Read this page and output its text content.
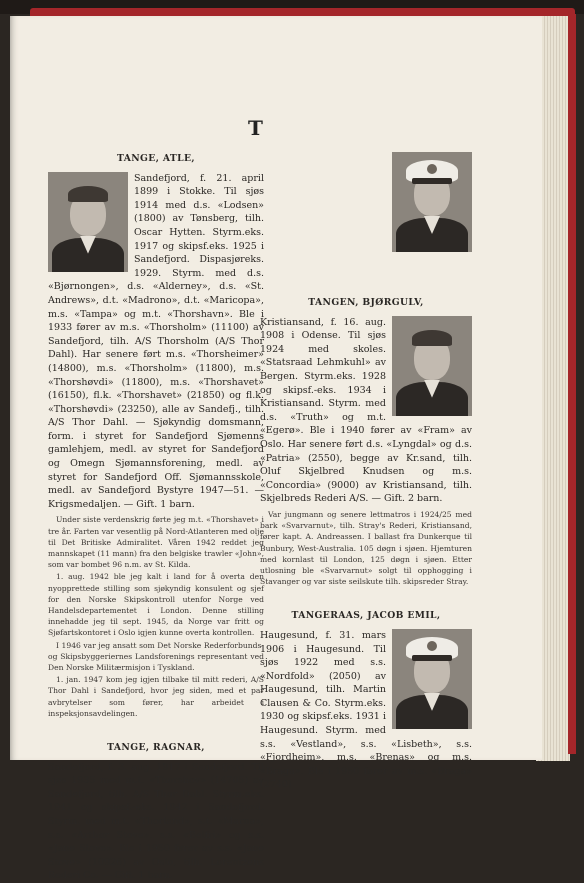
T
TANGE, ATLE,

Sandefjord, f. 21. april 1899 i Stokke. Til sjøs 1914 med d.s. «Lodsen» (1800) av Tønsberg, tilh. Oscar Hytten. Styrm.eks. 1917 og skipsf.eks. 1925 i Sandefjord. Dispasjøreks. 1929. Styrm. med d.s. «Bjørnongen», d.s. «Alderney», d.s. «St. Andrews», d.t. «Madrono», d.t. «Maricopa», m.s. «Tampa» og m.t. «Thorshavn». Ble i 1933 fører av m.s. «Thorsholm» (11100) av Sandefjord, tilh. A/S Thorsholm (A/S Thor Dahl). Har senere ført m.s. «Thorsheimer» (14800), m.s. «Thorsholm» (11800), m.s. «Thorshøvdi» (11800), m.s. «Thorshavet» (16150), fl.k. «Thorshavet» (21850) og fl.k. «Thorshøvdi» (23250), alle av Sandefj., tilh. A/S Thor Dahl. — Sjøkyndig domsmann, form. i styret for Sandefjord Sjømenns gamlehjem, medl. av styret for Sandefjord og Omegn Sjømannsforening, medl. av styret for Sandefjord Off. Sjømannsskole, medl. av Sandefjord Bystyre 1947—51. — Krigsmedaljen. — Gift. 1 barn.

Under siste verdenskrig førte jeg m.t. «Thorshavet» i tre år. Farten var vesentlig på Nord-Atlanteren med olje til Det Britiske Admiralitet. Våren 1942 reddet jeg mannskapet (11 mann) fra den belgiske trawler «John», som var bombet 96 n.m. av St. Kilda.

1. aug. 1942 ble jeg kalt i land for å overta den nyopprettede stilling som sjøkyndig konsulent og sjef for den Norske Skipskontroll utenfor Norge ved Handelsdepartementet i London. Denne stilling innehadde jeg til sept. 1945, da Norge var fritt og Sjøfartskontoret i Oslo igjen kunne overta kontrollen.

I 1946 var jeg ansatt som Det Norske Rederforbunds- og Skipsbyggeriernes Landsforenings representant ved Den Norske Militærmisjon i Tyskland.

1. jan. 1947 kom jeg igjen tilbake til mitt rederi, A/S Thor Dahl i Sandefjord, hvor jeg siden, med et par avbrytelser som fører, har arbeidet i inspeksjonsavdelingen.

TANGE, RAGNAR,

Sandefjord, f. 3. aug. 1917 i Sandefjord. Til sjøs 1935 med m.t. «Thorshov» (14705) av Sandefjord, tilh. A/S Thor Dahl. Styrm.eks. 1941 og skipsf.-eks. 1942 i Sandefjord. Styrm. med m.t. «Thorland», s.t. «Marna», s.s. «Arthur Stove», s.s. «Belfri» og s.s. «Jane Stove». Ble i 1950 fører av s.s. «Jane Stove» (10926) av Oslo, tilh. Lorentzens Rederi Co. — Gift. 1 barn.

TANGEN, BJØRGULV,

Kristiansand, f. 16. aug. 1908 i Odense. Til sjøs 1924 med skoles. «Statsraad Lehmkuhl» av Bergen. Styrm.eks. 1928 og skipsf.-eks. 1934 i Kristiansand. Styrm. med d.s. «Truth» og m.t. «Egerø». Ble i 1940 fører av «Fram» av Oslo. Har senere ført d.s. «Lyngdal» og d.s. «Patria» (2550), begge av Kr.sand, tilh. Oluf Skjelbred Knudsen og m.s. «Concordia» (9000) av Kristiansand, tilh. Skjelbreds Rederi A/S. — Gift. 2 barn.

Var jungmann og senere lettmatros i 1924/25 med bark «Svarvarnut», tilh. Stray's Rederi, Kristiansand, fører kapt. A. Andreassen. I ballast fra Dunkerque til Bunbury, West-Australia. 105 døgn i sjøen. Hjemturen med kornlast til London, 125 døgn i sjøen. Etter utlosning ble «Svarvarnut» solgt til opphogging i Stavanger og var siste seilskute tilh. skipsreder Stray.

TANGERAAS, JACOB EMIL,

Haugesund, f. 31. mars 1906 i Haugesund. Til sjøs 1922 med s.s. «Nordfold» (2050) av Haugesund, tilh. Martin Clausen & Co. Styrm.eks. 1930 og skipsf.eks. 1931 i Haugesund. Styrm. med s.s. «Vestland», s.s. «Lisbeth», s.s. «Fjordheim», m.s. «Brenas» og m.s. «Braga». Ble i 1950 fører av m.s. «Braga» (2740)
